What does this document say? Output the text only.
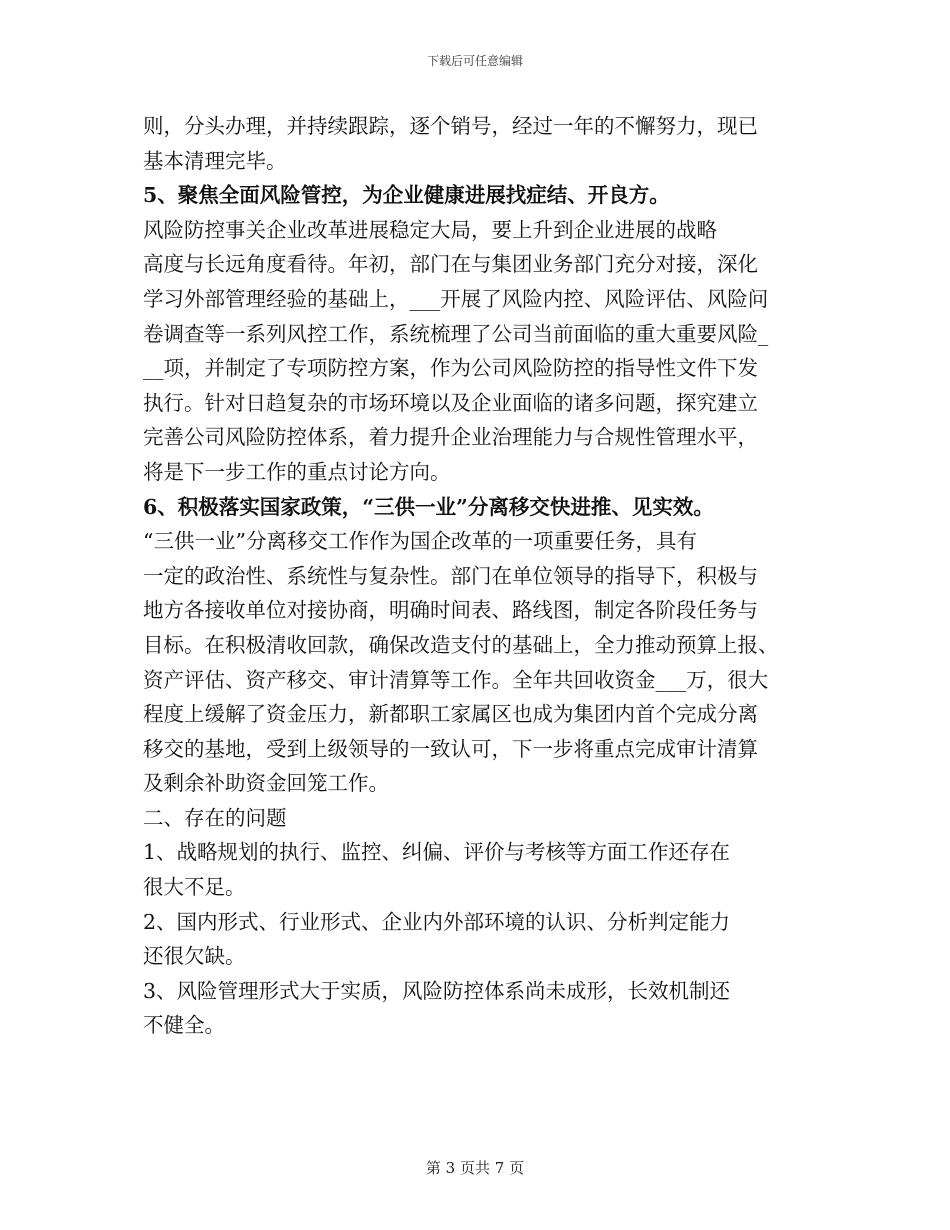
下载后可任意编辑

则，分头办理，并持续跟踪，逐个销号，经过一年的不懈努力，现已
基本清理完毕。

5、聚焦全面风险管控，为企业健康进展找症结、开良方。

风险防控事关企业改革进展稳定大局，要上升到企业进展的战略
高度与长远角度看待。年初，部门在与集团业务部门充分对接，深化
学习外部管理经验的基础上，___开展了风险内控、风险评估、风险问
卷调查等一系列风控工作，系统梳理了公司当前面临的重大重要风险_
__项，并制定了专项防控方案，作为公司风险防控的指导性文件下发
执行。针对日趋复杂的市场环境以及企业面临的诸多问题，探究建立
完善公司风险防控体系，着力提升企业治理能力与合规性管理水平，
将是下一步工作的重点讨论方向。

6、积极落实国家政策，“三供一业”分离移交快进推、见实效。

“三供一业”分离移交工作作为国企改革的一项重要任务，具有
一定的政治性、系统性与复杂性。部门在单位领导的指导下，积极与
地方各接收单位对接协商，明确时间表、路线图，制定各阶段任务与
目标。在积极清收回款，确保改造支付的基础上，全力推动预算上报、
资产评估、资产移交、审计清算等工作。全年共回收资金___万，很大
程度上缓解了资金压力，新都职工家属区也成为集团内首个完成分离
移交的基地，受到上级领导的一致认可，下一步将重点完成审计清算
及剩余补助资金回笼工作。

二、存在的问题

1、战略规划的执行、监控、纠偏、评价与考核等方面工作还存在
很大不足。

2、国内形式、行业形式、企业内外部环境的认识、分析判定能力
还很欠缺。

3、风险管理形式大于实质，风险防控体系尚未成形，长效机制还
不健全。

第 3 页共 7 页
